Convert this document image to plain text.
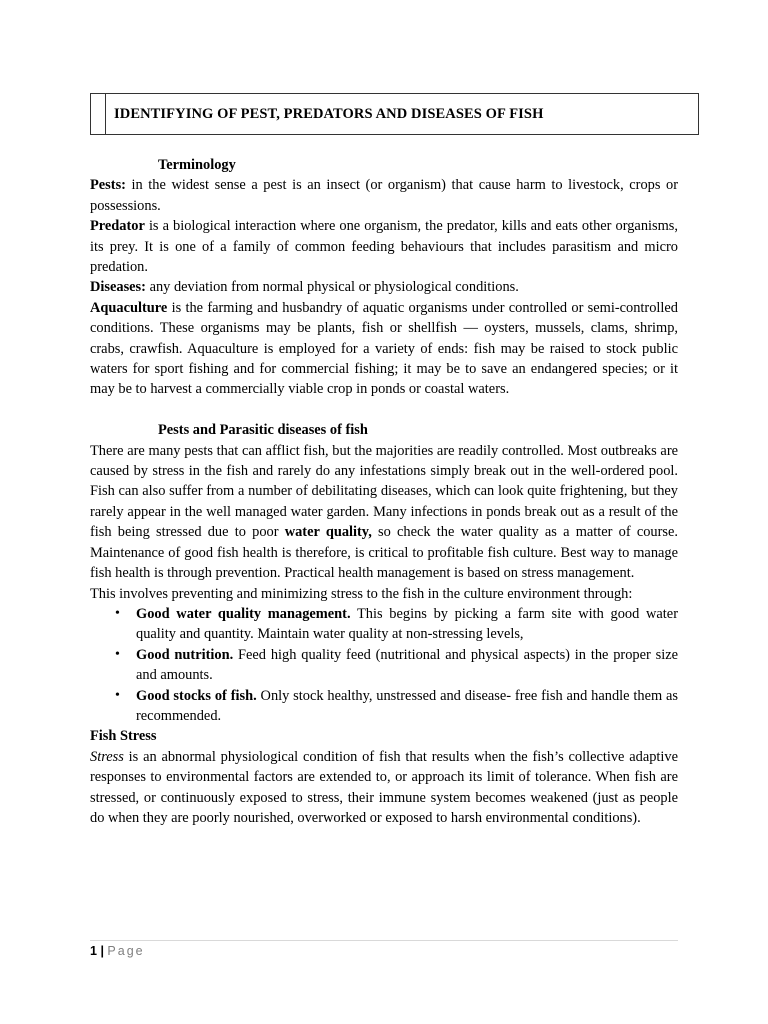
IDENTIFYING OF PEST, PREDATORS AND DISEASES OF FISH

Terminology

Pests: in the widest sense a pest is an insect (or organism) that cause harm to livestock, crops or possessions.

Predator is a biological interaction where one organism, the predator, kills and eats other organisms, its prey. It is one of a family of common feeding behaviours that includes parasitism and micro predation.

Diseases: any deviation from normal physical or physiological conditions.

Aquaculture is the farming and husbandry of aquatic organisms under controlled or semi-controlled conditions. These organisms may be plants, fish or shellfish — oysters, mussels, clams, shrimp, crabs, crawfish. Aquaculture is employed for a variety of ends: fish may be raised to stock public waters for sport fishing and for commercial fishing; it may be to save an endangered species; or it may be to harvest a commercially viable crop in ponds or coastal waters.

Pests and Parasitic diseases of fish

There are many pests that can afflict fish, but the majorities are readily controlled. Most outbreaks are caused by stress in the fish and rarely do any infestations simply break out in the well-ordered pool. Fish can also suffer from a number of debilitating diseases, which can look quite frightening, but they rarely appear in the well managed water garden. Many infections in ponds break out as a result of the fish being stressed due to poor water quality, so check the water quality as a matter of course. Maintenance of good fish health is therefore, is critical to profitable fish culture. Best way to manage fish health is through prevention. Practical health management is based on stress management.

This involves preventing and minimizing stress to the fish in the culture environment through:

• Good water quality management. This begins by picking a farm site with good water quality and quantity. Maintain water quality at non-stressing levels,
• Good nutrition. Feed high quality feed (nutritional and physical aspects) in the proper size and amounts.
• Good stocks of fish. Only stock healthy, unstressed and disease- free fish and handle them as recommended.

Fish Stress

Stress is an abnormal physiological condition of fish that results when the fish’s collective adaptive responses to environmental factors are extended to, or approach its limit of tolerance. When fish are stressed, or continuously exposed to stress, their immune system becomes weakened (just as people do when they are poorly nourished, overworked or exposed to harsh environmental conditions).

1 | Page
